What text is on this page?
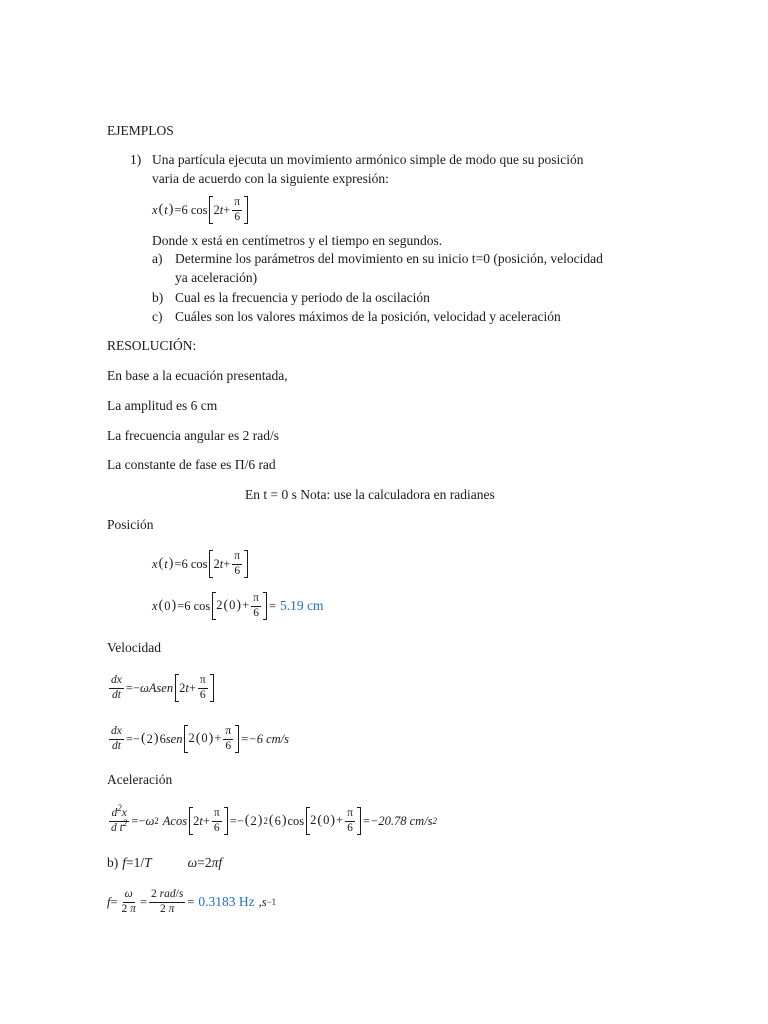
EJEMPLOS
1) Una partícula ejecuta un movimiento armónico simple de modo que su posición
varia de acuerdo con la siguiente expresión:
x ( t ) =6 $\cos 2t+ \frac{\pi}{6}$
Donde x está en centímetros y el tiempo en segundos.
a) Determine los parámetros del movimiento en su inicio t=0 (posición, velocidad
ya aceleración)
b) Cual es la frecuencia y periodo de la oscilación
c) Cuáles son los valores máximos de la posición, velocidad y aceleración
RESOLUCIÓN:
En base a la ecuación presentada,
La amplitud es 6 cm
La frecuencia angular es 2 rad/s
La constante de fase es Π/6 rad
En t = 0 s Nota: use la calculadora en radianes
Posición
x ( t ) =6 $\cos 2t+ \frac{\pi}{6}$
x ( 0 ) =6 $\cos 2(0)+ \frac{\pi}{6} = 5.19$ cm
Velocidad
$\frac{dx}{dt}$ =− ωAsen $2t+ \frac{\pi}{6}$
$\frac{dx}{dt}$ =− ( 2 ) 6 sen $2(0)+ \frac{\pi}{6} = -6$ cm/s
Aceleración
$\frac{d^2x}{d t^2} =- \omega$ 2 Acos $2t+ \frac{\pi}{6}$ =− ( 2 ) 2 ( 6 ) $\cos 2(0)+ \frac{\pi}{6} = -20.78$ cm/s 2
b) f =1/ T	ω =2 πf
$f = \frac{\omega}{2 \pi} = \frac{\text{2 rad/s}}{2 \pi} = 0.3183$ Hz , s −1
